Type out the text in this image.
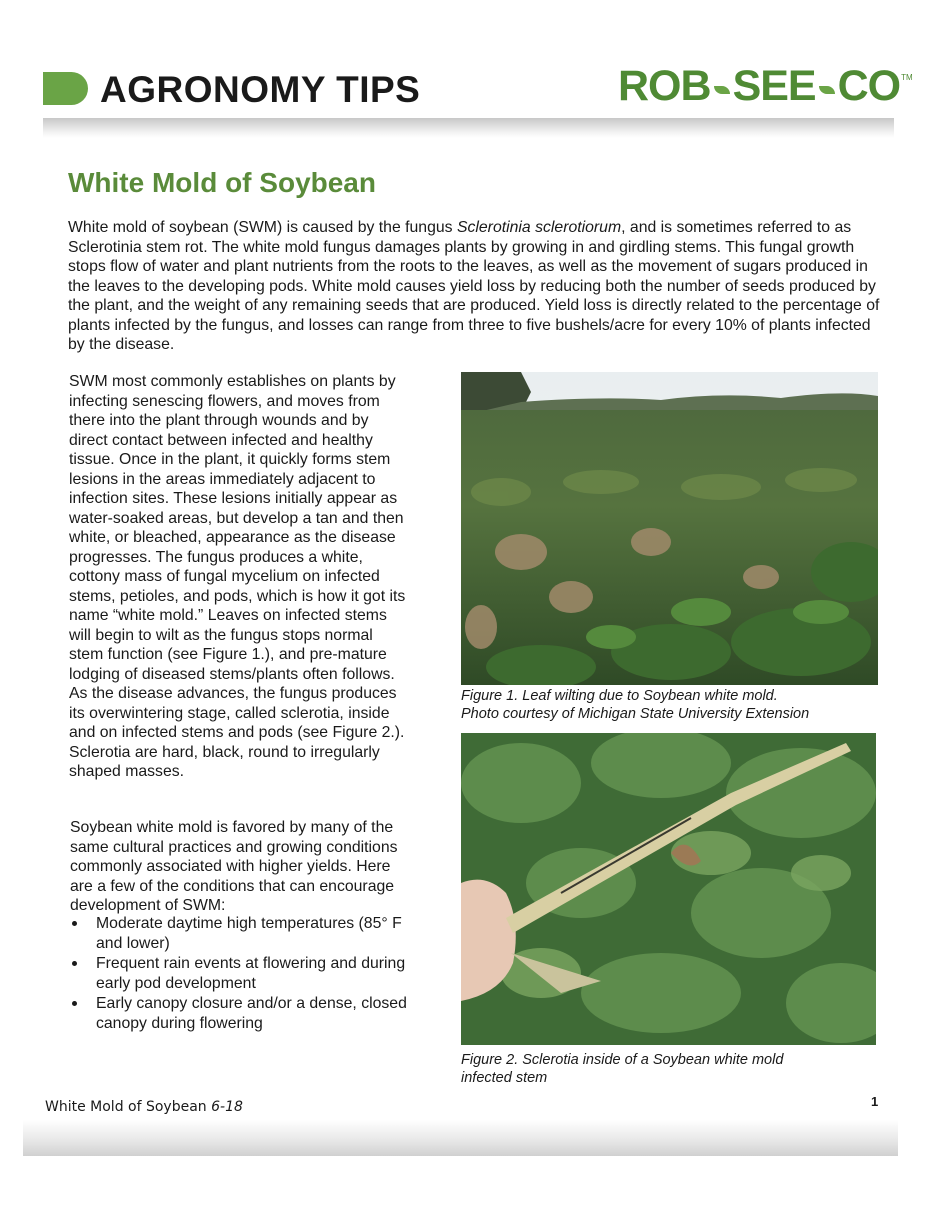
AGRONOMY TIPS	ROB SEE CO TM
White Mold of Soybean

White mold of soybean (SWM) is caused by the fungus Sclerotinia sclerotiorum, and is sometimes referred to as Sclerotinia stem rot. The white mold fungus damages plants by growing in and girdling stems. This fungal growth stops flow of water and plant nutrients from the roots to the leaves, as well as the movement of sugars produced in the leaves to the developing pods. White mold causes yield loss by reducing both the number of seeds produced by the plant, and the weight of any remaining seeds that are produced. Yield loss is directly related to the percentage of plants infected by the fungus, and losses can range from three to five bushels/acre for every 10% of plants infected by the disease.

SWM most commonly establishes on plants by infecting senescing flowers, and moves from there into the plant through wounds and by direct contact between infected and healthy tissue. Once in the plant, it quickly forms stem lesions in the areas immediately adjacent to infection sites. These lesions initially appear as water-soaked areas, but develop a tan and then white, or bleached, appearance as the disease progresses. The fungus produces a white, cottony mass of fungal mycelium on infected stems, petioles, and pods, which is how it got its name “white mold.” Leaves on infected stems will begin to wilt as the fungus stops normal stem function (see Figure 1.), and pre-mature lodging of diseased stems/plants often follows. As the disease advances, the fungus produces its overwintering stage, called sclerotia, inside and on infected stems and pods (see Figure 2.). Sclerotia are hard, black, round to irregularly shaped masses.

Soybean white mold is favored by many of the same cultural practices and growing conditions commonly associated with higher yields. Here are a few of the conditions that can encourage development of SWM:

Moderate daytime high temperatures (85° F and lower)
Frequent rain events at flowering and during early pod development
Early canopy closure and/or a dense, closed canopy during flowering

Figure 1. Leaf wilting due to Soybean white mold.
Photo courtesy of Michigan State University Extension

Figure 2. Sclerotia inside of a Soybean white mold
infected stem

White Mold of Soybean 6-18	1
